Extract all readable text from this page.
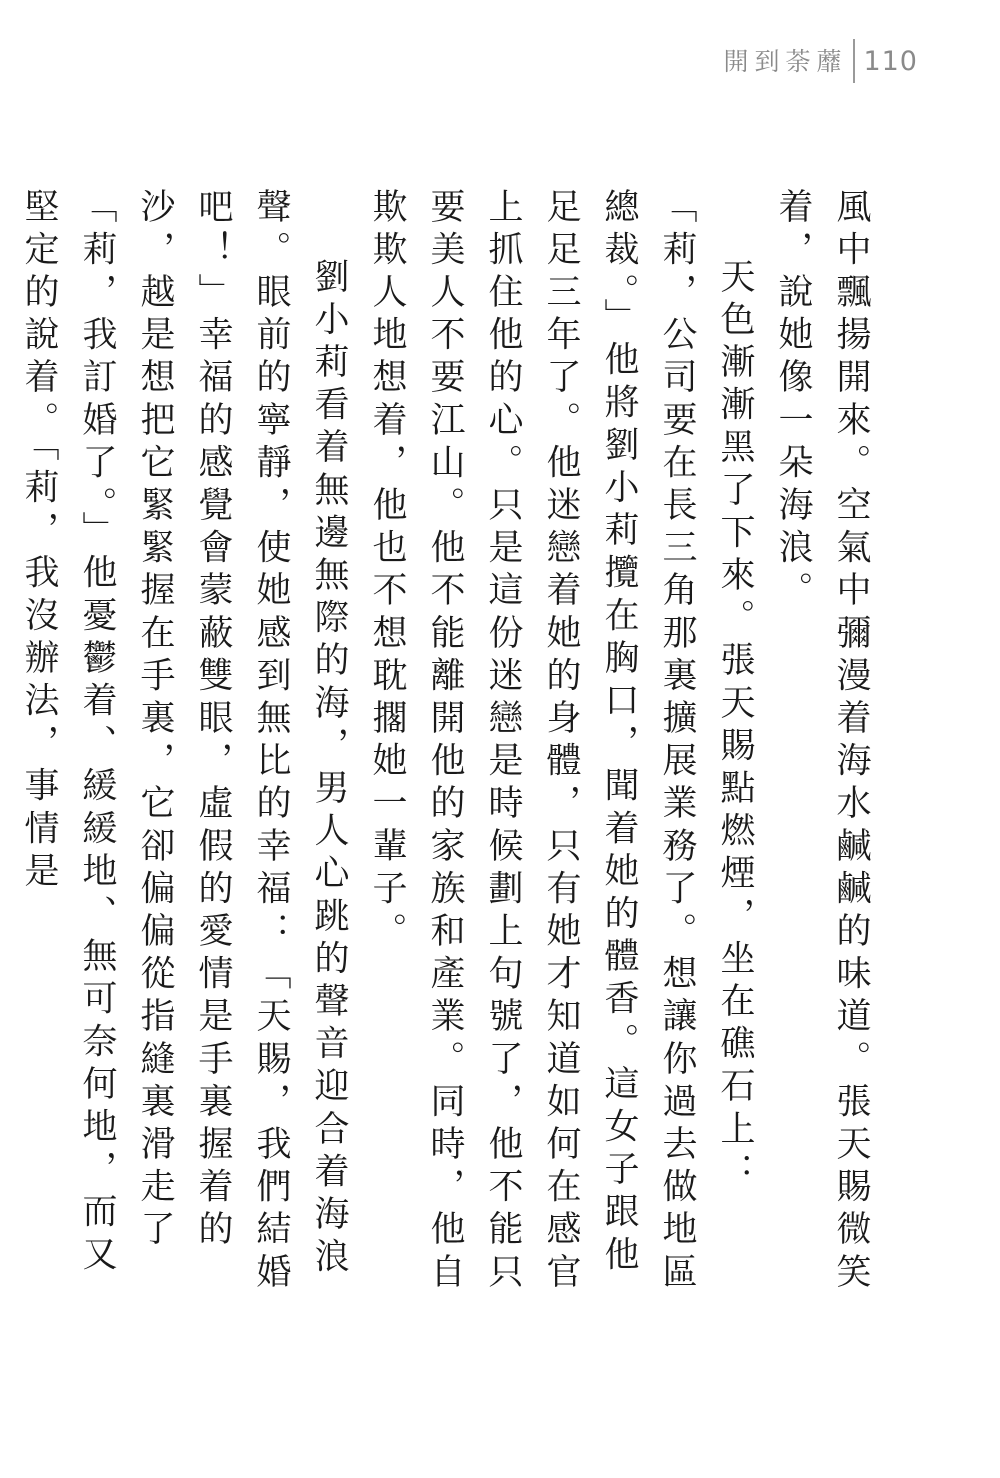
開到荼蘼 110

風中飄揚開來。空氣中彌漫着海水鹹鹹的味道。張天賜微笑着，說她像一朵海浪。

天色漸漸黑了下來。張天賜點燃煙，坐在礁石上：「莉，公司要在長三角那裏擴展業務了。想讓你過去做地區總裁。」他將劉小莉攬在胸口，聞着她的體香。這女子跟他足足三年了。他迷戀着她的身體，只有她才知道如何在感官上抓住他的心。只是這份迷戀是時候劃上句號了，他不能只要美人不要江山。他不能離開他的家族和產業。同時，他自欺欺人地想着，他也不想耽擱她一輩子。

劉小莉看着無邊無際的海，男人心跳的聲音迎合着海浪聲。眼前的寧靜，使她感到無比的幸福：「天賜，我們結婚吧！」幸福的感覺會蒙蔽雙眼，虛假的愛情是手裏握着的沙，越是想把它緊緊握在手裏，它卻偏偏從指縫裏滑走了「莉，我訂婚了。」他憂鬱着、緩緩地、無可奈何地，而又堅定的說着。「莉，我沒辦法，事情是
